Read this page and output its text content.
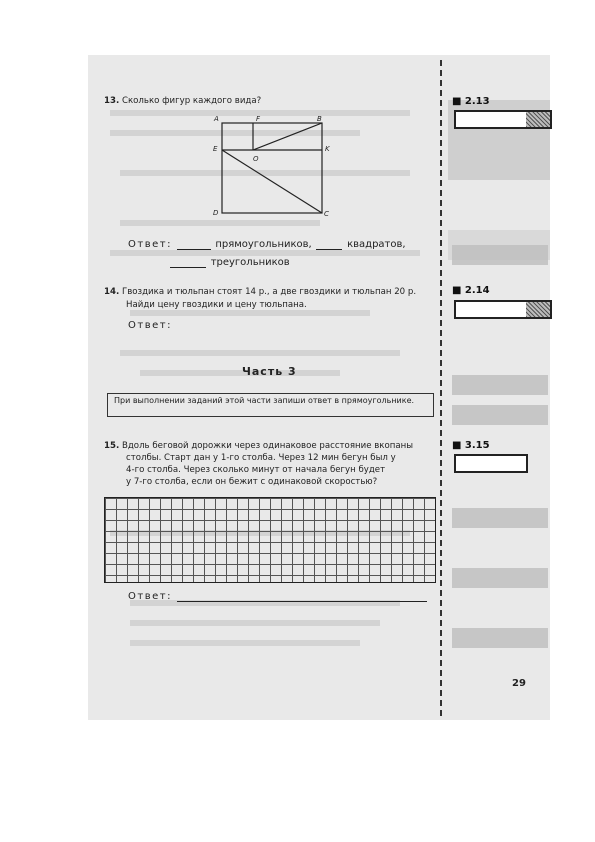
■ 2.13
■ 2.14
■ 3.15
13. Сколько фигур каждого вида?
A	F	B
E
O
K
D	C
Ответ:	прямоугольников,	квадратов,
треугольников
14. Гвоздика и тюльпан стоят 14 р., а две гвоздики и тюльпан 20 р.
Найди цену гвоздики и цену тюльпана.
Ответ:
Часть 3
При выполнении заданий этой части запиши ответ в прямоугольнике.
15. Вдоль беговой дорожки через одинаковое расстояние вкопаны
столбы. Старт дан у 1-го столба. Через 12 мин бегун был у
4-го столба. Через сколько минут от начала бегун будет
у 7-го столба, если он бежит с одинаковой скоростью?
Ответ:
29
